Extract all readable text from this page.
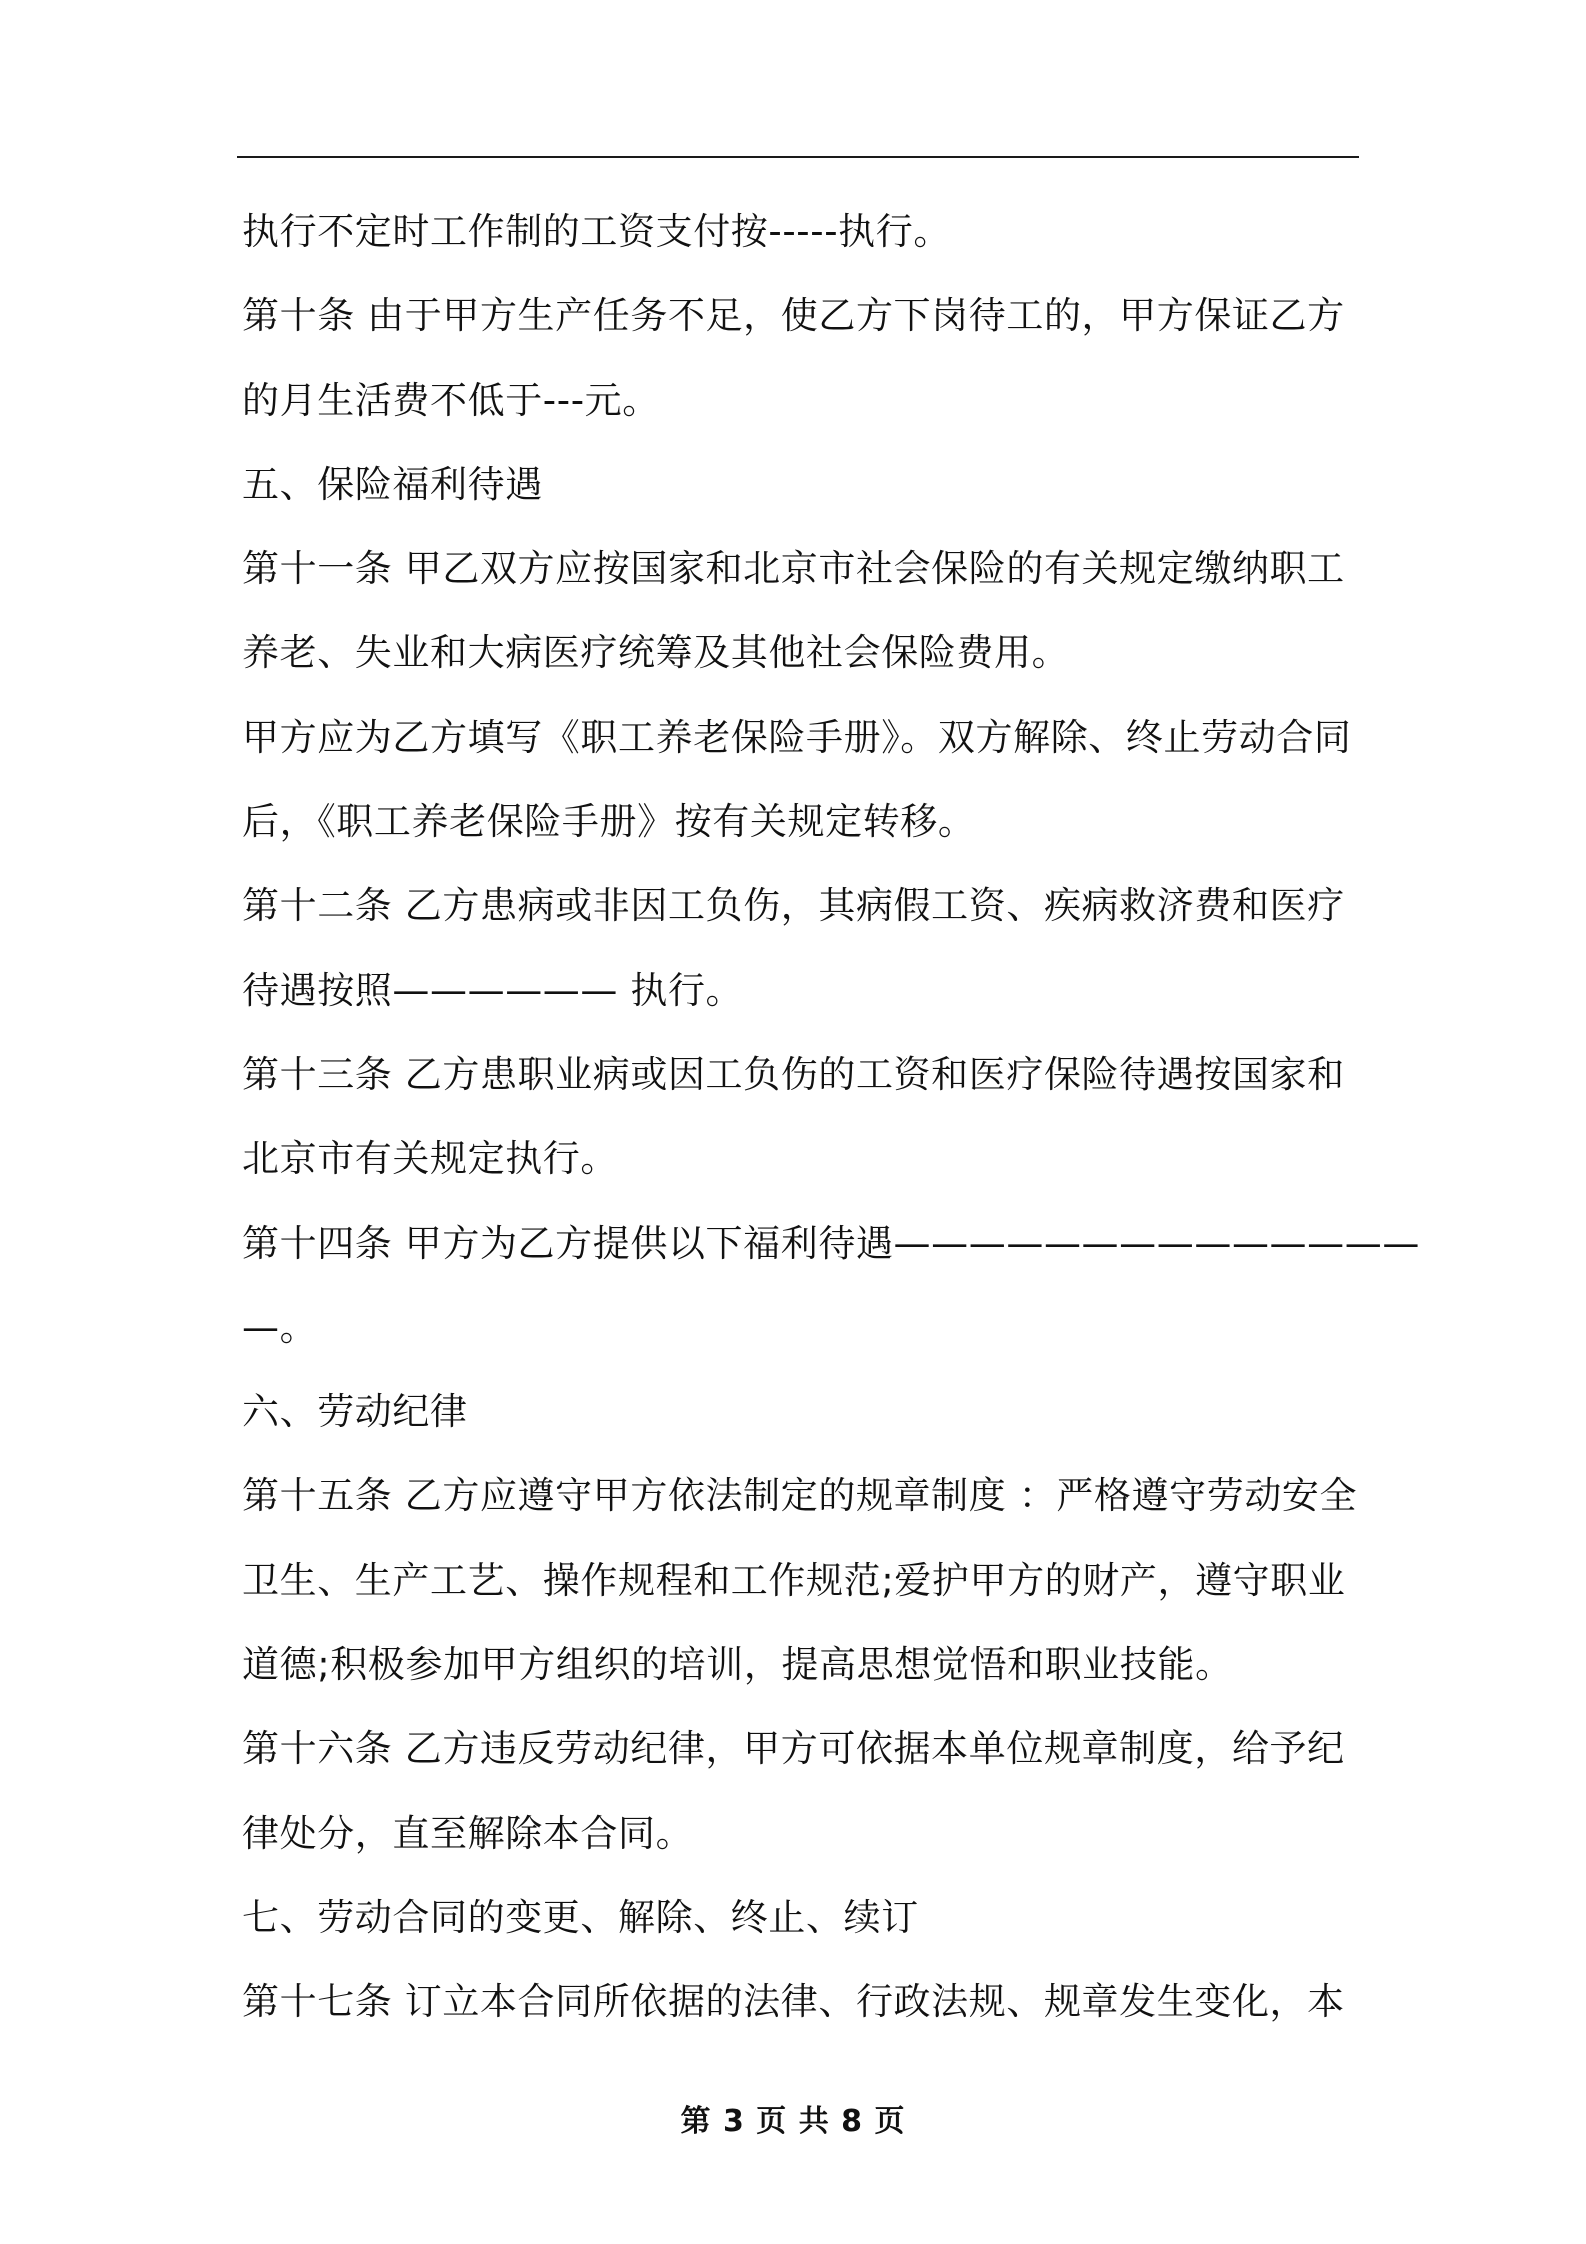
执行不定时工作制的工资支付按-----执行。
第十条 由于甲方生产任务不足，使乙方下岗待工的，甲方保证乙方
的月生活费不低于---元。
五、保险福利待遇
第十一条 甲乙双方应按国家和北京市社会保险的有关规定缴纳职工
养老、失业和大病医疗统筹及其他社会保险费用。
甲方应为乙方填写《职工养老保险手册》。双方解除、终止劳动合同
后，《职工养老保险手册》按有关规定转移。
第十二条 乙方患病或非因工负伤，其病假工资、疾病救济费和医疗
待遇按照—————— 执行。
第十三条 乙方患职业病或因工负伤的工资和医疗保险待遇按国家和
北京市有关规定执行。
第十四条 甲方为乙方提供以下福利待遇——————————————
—。
六、劳动纪律
第十五条 乙方应遵守甲方依法制定的规章制度 ：严格遵守劳动安全
卫生、生产工艺、操作规程和工作规范;爱护甲方的财产，遵守职业
道德;积极参加甲方组织的培训，提高思想觉悟和职业技能。
第十六条 乙方违反劳动纪律，甲方可依据本单位规章制度，给予纪
律处分，直至解除本合同。
七、劳动合同的变更、解除、终止、续订
第十七条 订立本合同所依据的法律、行政法规、规章发生变化，本
第 3 页 共 8 页
